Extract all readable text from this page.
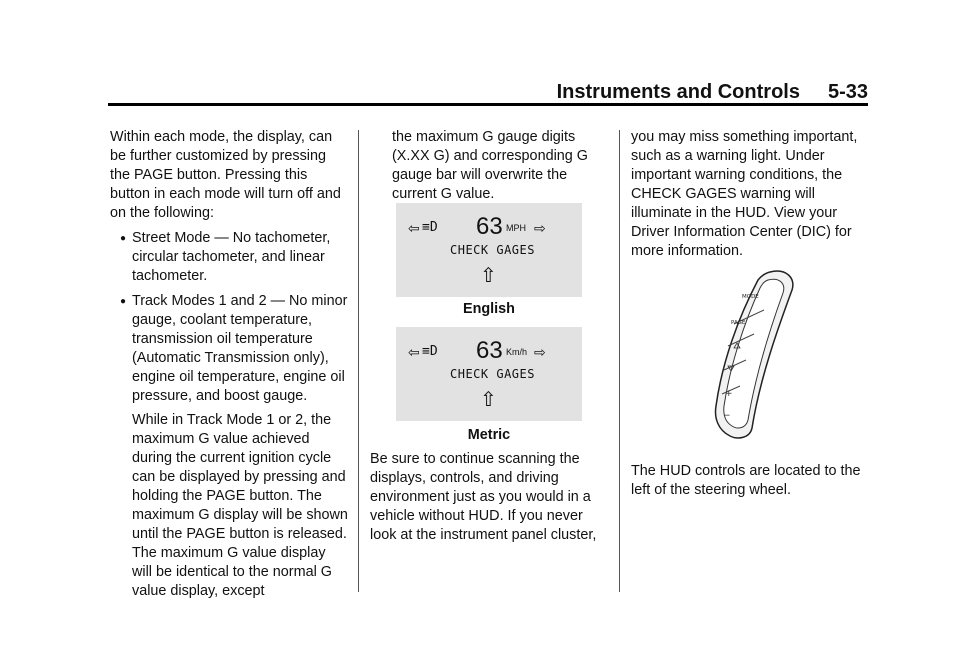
Instruments and Controls 5-33

Within each mode, the display, can be further customized by pressing the PAGE button. Pressing this button in each mode will turn off and on the following:

● Street Mode — No tachometer, circular tachometer, and linear tachometer.

● Track Modes 1 and 2 — No minor gauge, coolant temperature, transmission oil temperature (Automatic Transmission only), engine oil temperature, engine oil pressure, and boost gauge.

While in Track Mode 1 or 2, the maximum G value achieved during the current ignition cycle can be displayed by pressing and holding the PAGE button. The maximum G display will be shown until the PAGE button is released. The maximum G value display will be identical to the normal G value display, except

the maximum G gauge digits (X.XX G) and corresponding G gauge bar will overwrite the current G value.

⇦ ≡D 63 MPH ⇨
CHECK GAGES
⇧
English
⇦ ≡D 63 Km/h ⇨
CHECK GAGES
⇧
Metric

Be sure to continue scanning the displays, controls, and driving environment just as you would in a vehicle without HUD. If you never look at the instrument panel cluster,

you may miss something important, such as a warning light. Under important warning conditions, the CHECK GAGES warning will illuminate in the HUD. View your Driver Information Center (DIC) for more information.

MODE
PAGE
+
−

The HUD controls are located to the left of the steering wheel.
